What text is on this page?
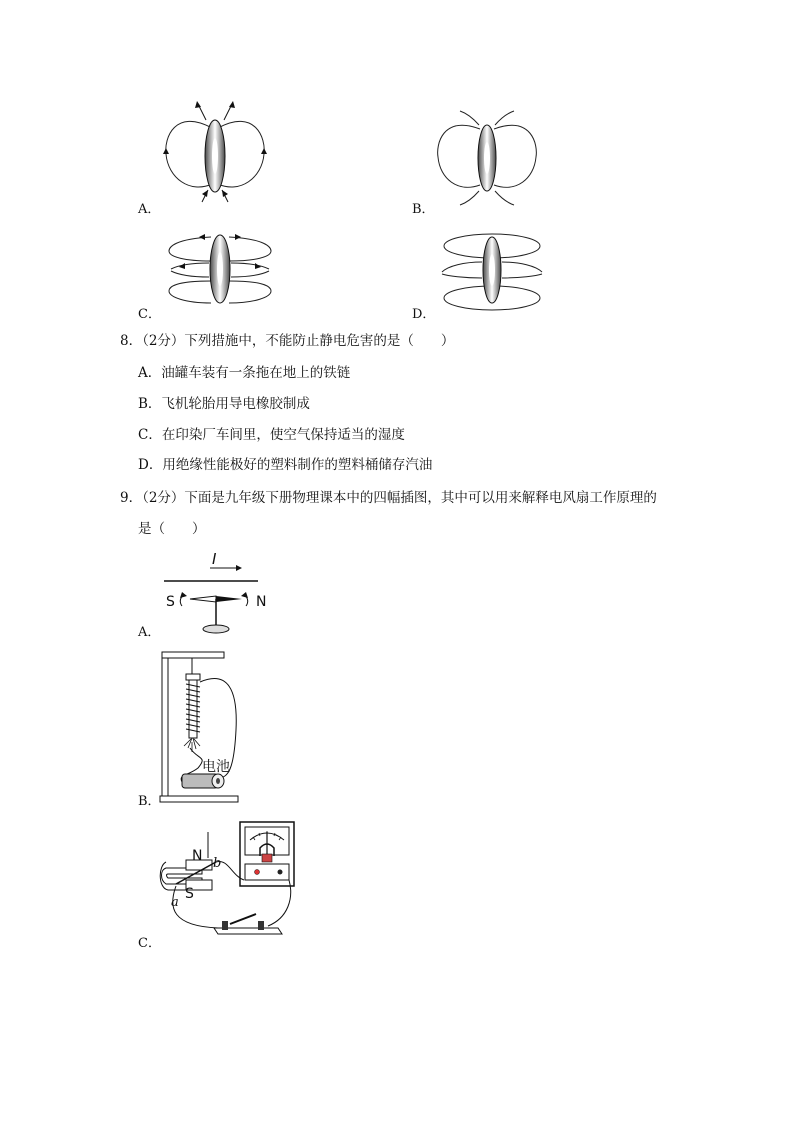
A．	B．
C．	D．
8．（2分）下列措施中，不能防止静电危害的是（　　）
A．油罐车装有一条拖在地上的铁链
B．飞机轮胎用导电橡胶制成
C．在印染厂车间里，使空气保持适当的湿度
D．用绝缘性能极好的塑料制作的塑料桶储存汽油
9．（2分）下面是九年级下册物理课本中的四幅插图，其中可以用来解释电风扇工作原理的
是（　　）
I
S	N
A．
电池
B．
N b
a
S
C．
